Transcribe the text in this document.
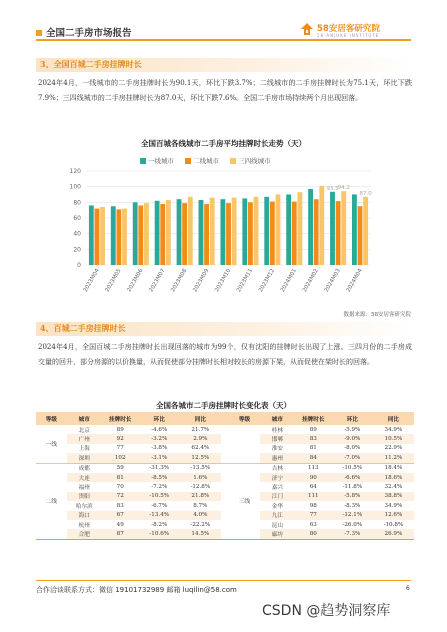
全国二手房市场报告	58安居客研究院
58 ANJUKE INSTITUTE
3、全国百城二手房挂牌时长
2024年4月，一线城市的二手房挂牌时长为90.1天，环比下跌3.7%；二线城市的二手房挂牌时长为75.1天，环比下跌7.9%；三四线城市的二手房挂牌时长为87.0天，环比下跌7.6%。全国二手房市场持续两个月出现回落。
全国百城各线城市二手房平均挂牌时长走势（天）
一线城市	二线城市	三四线城市
0
20
40
60
80
100
120
2023M04 2023M05 2023M06 2023M07 2023M08 2023M09 2023M10 2023M11 2023M12 2024M01 2024M02 2024M03 2024M04
93.5
94.2
87.0
数据来源：58安居客研究院
4、百城二手房挂牌时长
2024年4月，全国百城二手房挂牌时长出现回落的城市为99个，仅有沈阳的挂牌时长出现了上涨。三四月份的二手房成交量的回升，部分房源的以价换量，从而促使部分挂牌时长相对较长的房源下架，从而促使在架时长的回落。
全国各城市二手房挂牌时长变化表（天）
等级	城市	挂牌时长	环比	同比		等级	城市	挂牌时长	环比	同比
一线	北京	89	-4.6%	21.7%			桂林	89	-5.9%	34.9%
	广州	92	-3.2%	2.9%			邯郸	83	-9.0%	10.5%
	上海	77	-3.8%	62.4%			淮安	81	-8.0%	22.9%
	深圳	102	-3.1%	12.5%			惠州	84	-7.0%	11.2%
二线	成都	59	-31.3%	-13.5%		三线	吉林	113	-10.5%	18.4%
	大连	81	-8.5%	1.6%			济宁	90	-6.6%	18.6%
	福州	70	-7.2%	-12.8%			嘉兴	64	-11.8%	32.4%
	贵阳	72	-10.5%	21.8%			江门	111	-5.8%	38.8%
	哈尔滨	83	-6.7%	8.7%			金华	98	-8.3%	34.9%
	海口	67	-13.4%	4.0%			九江	77	-12.1%	12.6%
	杭州	49	-8.2%	-22.2%			昆山	63	-26.0%	-10.8%
	合肥	87	-10.6%	14.5%			廊坊	80	-7.3%	26.9%
合作洽谈联系方式：微信 19101732989 邮箱 luqilin@58.com	6
CSDN @趋势洞察库
